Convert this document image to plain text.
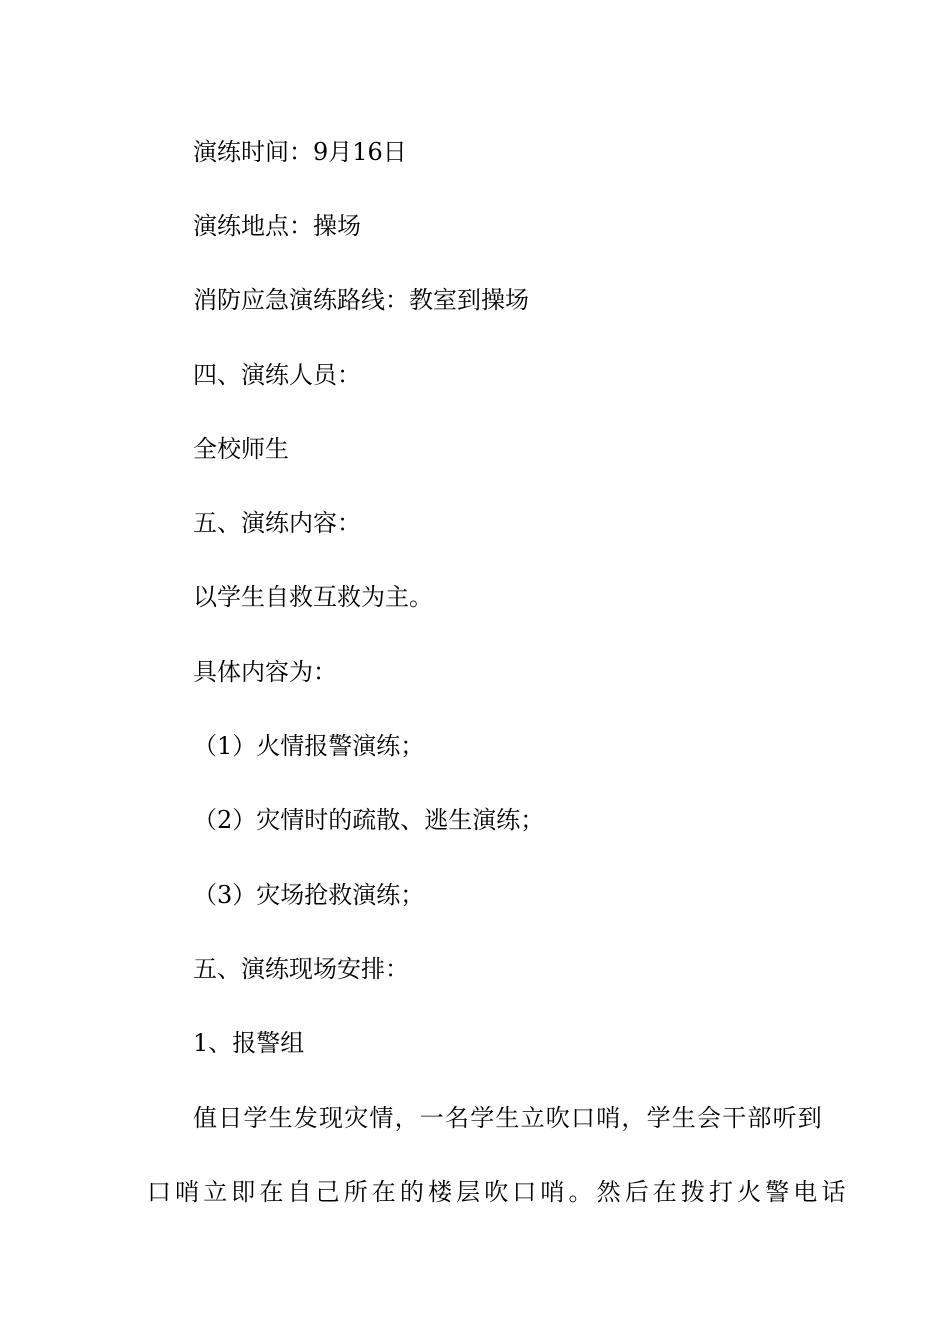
演练时间：9月16日
演练地点：操场
消防应急演练路线：教室到操场
四、演练人员：
全校师生
五、演练内容：
以学生自救互救为主。
具体内容为：
（1）火情报警演练；
（2）灾情时的疏散、逃生演练；
（3）灾场抢救演练；
五、演练现场安排：
1、报警组
值日学生发现灾情，一名学生立吹口哨，学生会干部听到
口哨立即在自己所在的楼层吹口哨。然后在拨打火警电话
